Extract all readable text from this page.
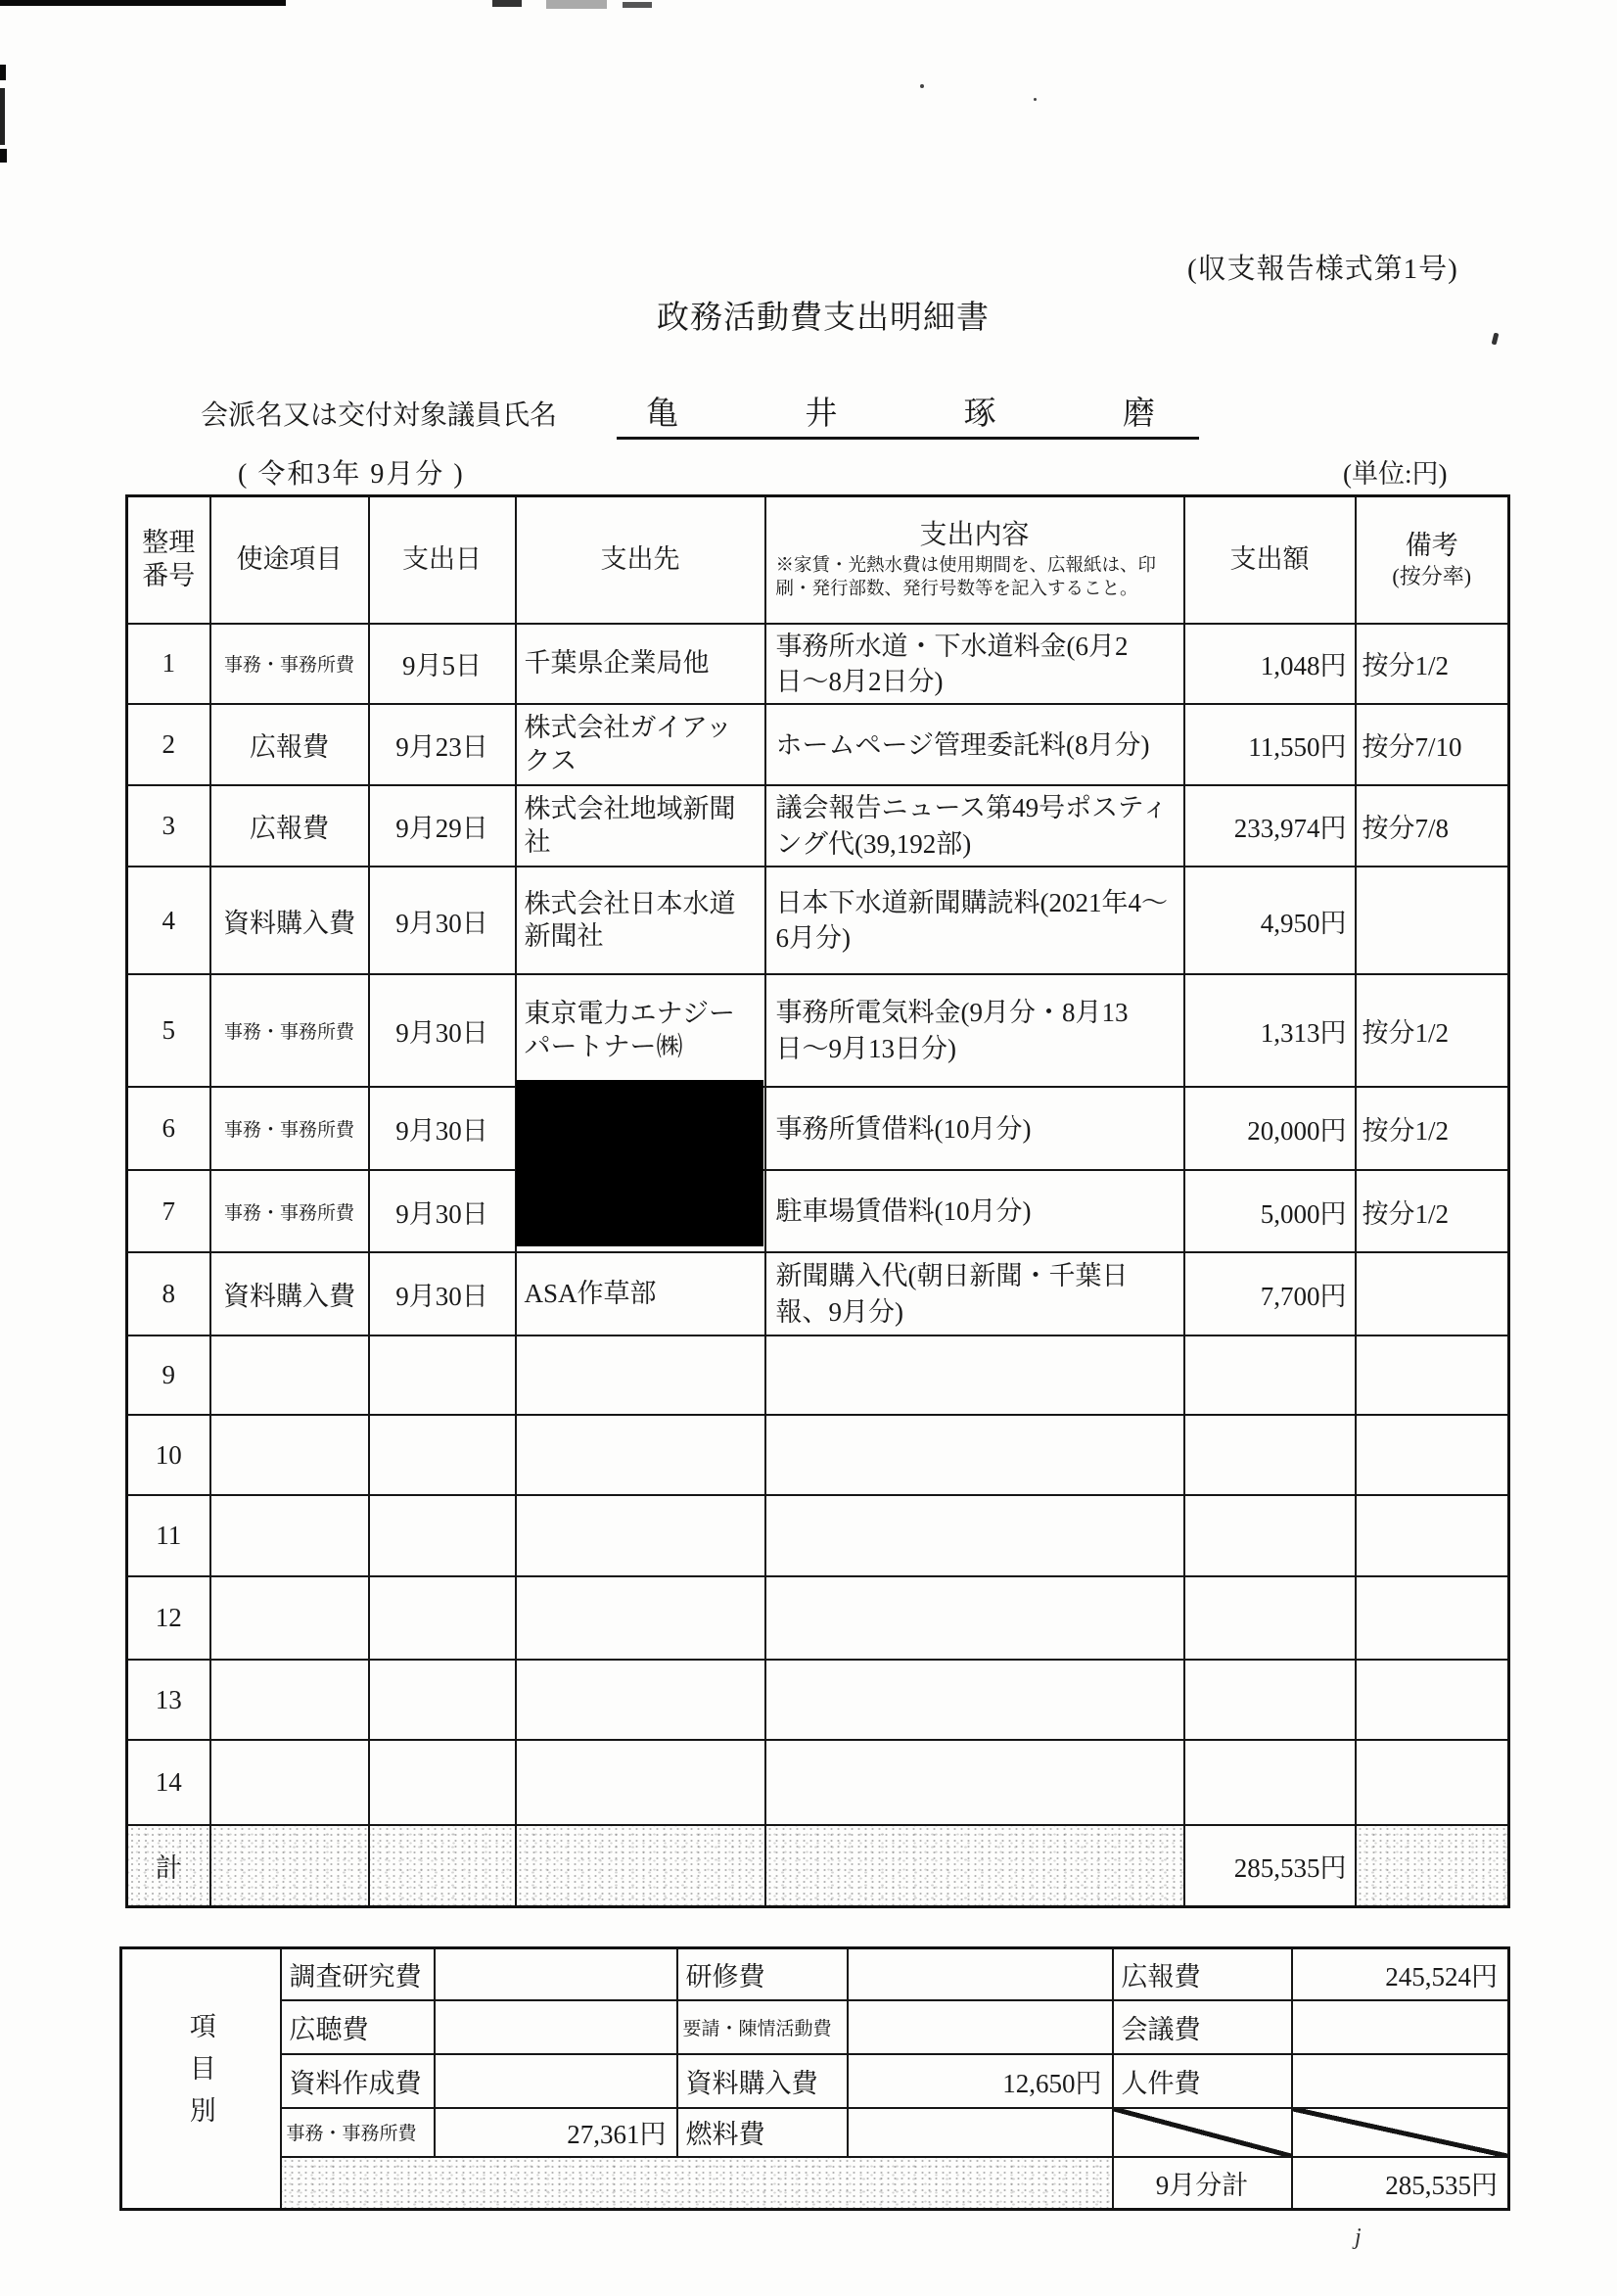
j
(収支報告様式第1号)
政務活動費支出明細書
会派名又は交付対象議員氏名	亀	井	琢	磨
( 令和3年 9月分 )	(単位:円)
整理
番号
	使途項目	支出日	支出先	
支出内容
※家賃・光熱水費は使用期間を、広報紙は、印刷・発行部数、発行号数等を記入すること。
	支出額	備考
(按分率)

1	事務・事務所費	9月5日	千葉県企業局他	事務所水道・下水道料金(6月2日〜8月2日分)	1,048円	按分1/2
2	広報費	9月23日	株式会社ガイアックス	ホームページ管理委託料(8月分)	11,550円	按分7/10
3	広報費	9月29日	株式会社地域新聞社	議会報告ニュース第49号ポスティング代(39,192部)	233,974円	按分7/8
4	資料購入費	9月30日	株式会社日本水道新聞社	日本下水道新聞購読料(2021年4〜6月分)	4,950円	
5	事務・事務所費	9月30日	東京電力エナジーパートナー㈱	事務所電気料金(9月分・8月13日〜9月13日分)	1,313円	按分1/2
6	事務・事務所費	9月30日		事務所賃借料(10月分)	20,000円	按分1/2
7	事務・事務所費	9月30日		駐車場賃借料(10月分)	5,000円	按分1/2
8	資料購入費	9月30日	ASA作草部	新聞購入代(朝日新聞・千葉日報、9月分)	7,700円	
9						
10						
11						
12						
13						
14						
計					285,535円	
項目別	調査研究費		研修費		広報費	245,524円
	広聴費		要請・陳情活動費		会議費	
	資料作成費		資料購入費	12,650円	人件費	
	事務・事務所費	27,361円	燃料費			
					9月分計	285,535円
